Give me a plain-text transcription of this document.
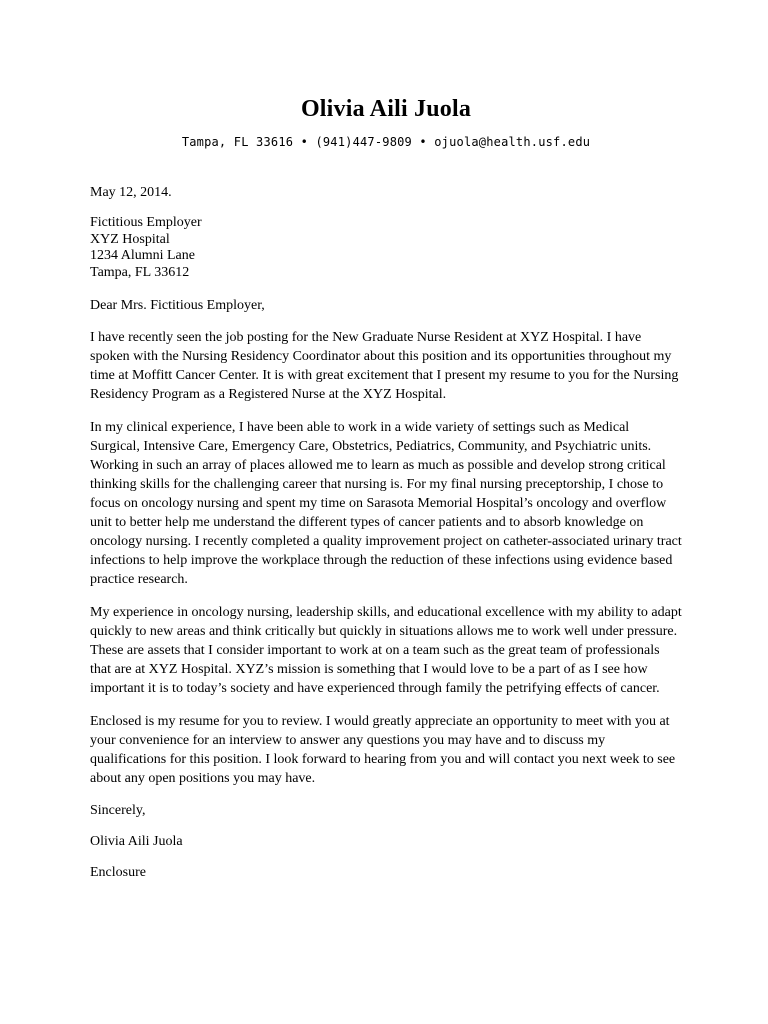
Olivia Aili Juola

Tampa, FL 33616 • (941)447-9809 • ojuola@health.usf.edu

May 12, 2014.

Fictitious Employer
XYZ Hospital
1234 Alumni Lane
Tampa, FL 33612

Dear Mrs. Fictitious Employer,

I have recently seen the job posting for the New Graduate Nurse Resident at XYZ Hospital. I have spoken with the Nursing Residency Coordinator about this position and its opportunities throughout my time at Moffitt Cancer Center. It is with great excitement that I present my resume to you for the Nursing Residency Program as a Registered Nurse at the XYZ Hospital.

In my clinical experience, I have been able to work in a wide variety of settings such as Medical Surgical, Intensive Care, Emergency Care, Obstetrics, Pediatrics, Community, and Psychiatric units. Working in such an array of places allowed me to learn as much as possible and develop strong critical thinking skills for the challenging career that nursing is. For my final nursing preceptorship, I chose to focus on oncology nursing and spent my time on Sarasota Memorial Hospital’s oncology and overflow unit to better help me understand the different types of cancer patients and to absorb knowledge on oncology nursing. I recently completed a quality improvement project on catheter-associated urinary tract infections to help improve the workplace through the reduction of these infections using evidence based practice research.

My experience in oncology nursing, leadership skills, and educational excellence with my ability to adapt quickly to new areas and think critically but quickly in situations allows me to work well under pressure. These are assets that I consider important to work at on a team such as the great team of professionals that are at XYZ Hospital. XYZ’s mission is something that I would love to be a part of as I see how important it is to today’s society and have experienced through family the petrifying effects of cancer.

Enclosed is my resume for you to review. I would greatly appreciate an opportunity to meet with you at your convenience for an interview to answer any questions you may have and to discuss my qualifications for this position. I look forward to hearing from you and will contact you next week to see about any open positions you may have.

Sincerely,

Olivia Aili Juola

Enclosure
